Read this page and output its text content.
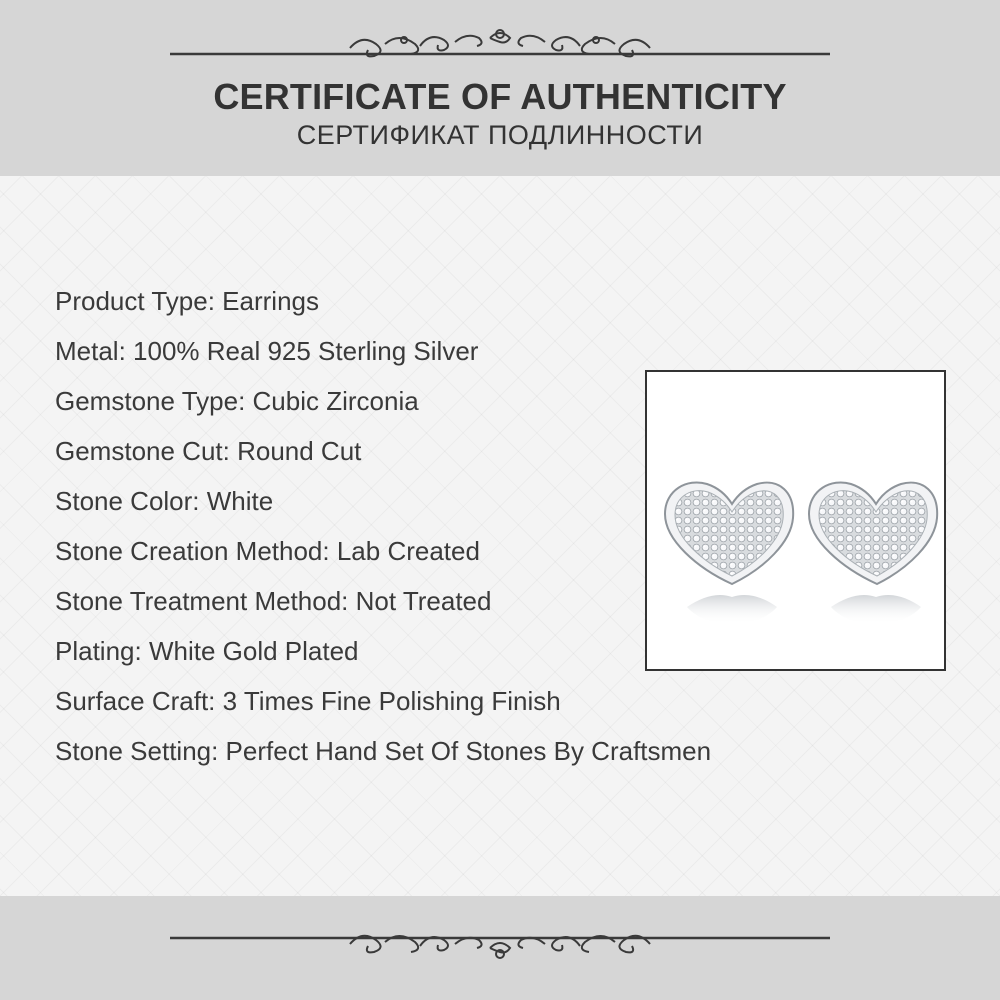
CERTIFICATE OF AUTHENTICITY
СЕРТИФИКАТ ПОДЛИННОСТИ
Product Type: Earrings
Metal: 100% Real 925 Sterling Silver
Gemstone Type: Cubic Zirconia
Gemstone Cut: Round Cut
Stone Color: White
Stone Creation Method: Lab Created
Stone Treatment Method: Not Treated
Plating: White Gold Plated
Surface Craft: 3 Times Fine Polishing Finish
Stone Setting: Perfect Hand Set Of Stones By Craftsmen
